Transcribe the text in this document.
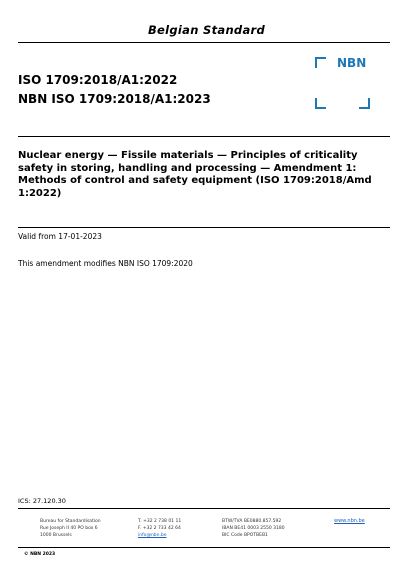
Belgian Standard
ISO 1709:2018/A1:2022
NBN ISO 1709:2018/A1:2023
NBN
Nuclear energy — Fissile materials — Principles of criticality safety in storing, handling and processing — Amendment 1: Methods of control and safety equipment (ISO 1709:2018/Amd 1:2022)
Valid from 17-01-2023
This amendment modifies NBN ISO 1709:2020
ICS: 27.120.30
Bureau for Standardisation
Rue Joseph II 40 PO box 6
1000 Brussels
T. +32 2 738 01 11
F. +32 2 733 42 64
info@nbn.be
BTW/TVA BE0880.857.592
IBAN BE41 0003 2550 3180
BIC Code BPOTBEB1
www.nbn.be
© NBN 2023
